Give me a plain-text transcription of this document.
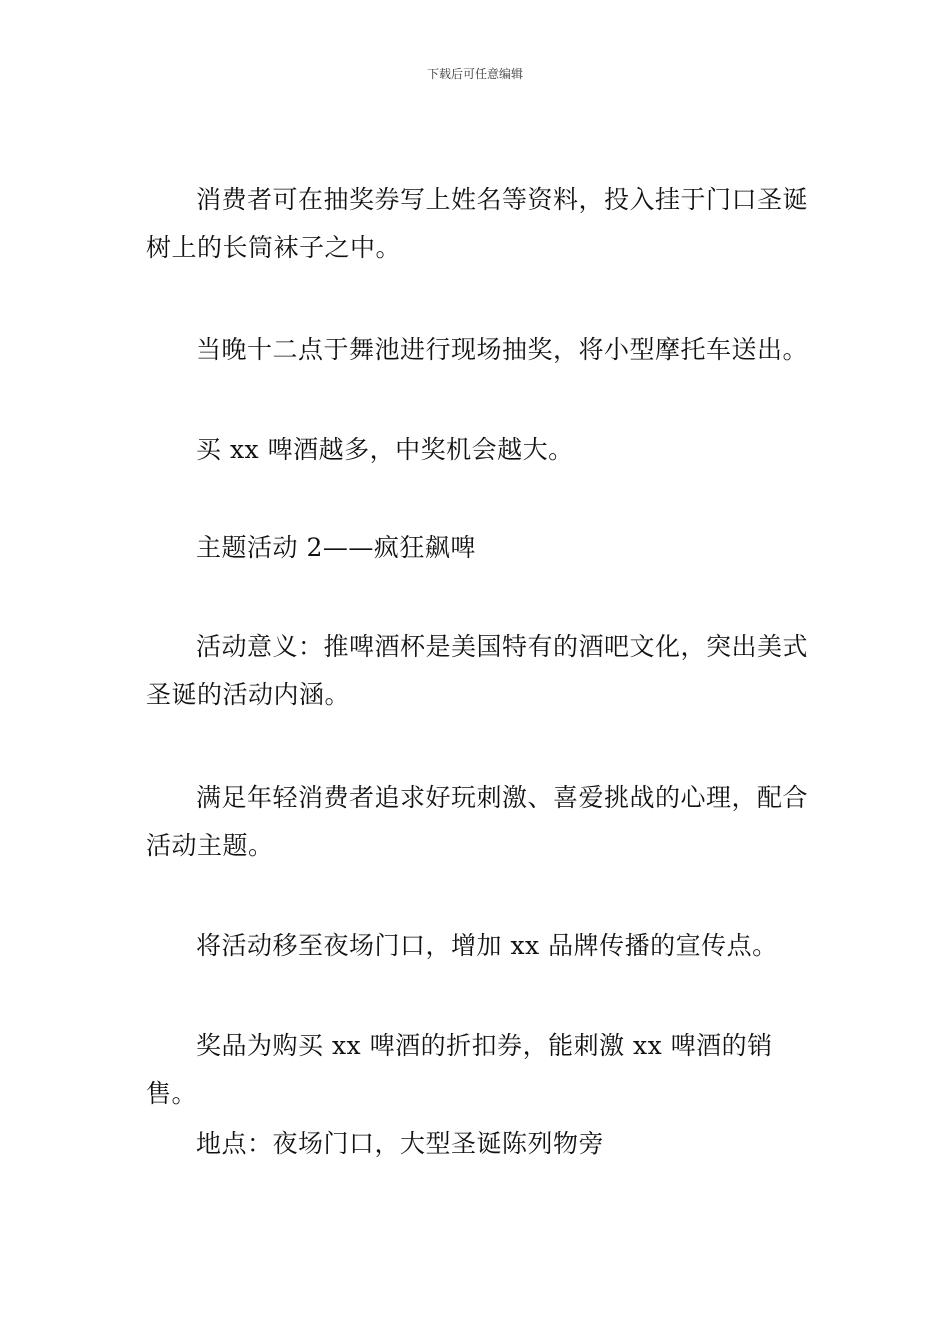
下载后可任意编辑

消费者可在抽奖券写上姓名等资料，投入挂于门口圣诞树上的长筒袜子之中。

当晚十二点于舞池进行现场抽奖，将小型摩托车送出。

买 xx 啤酒越多，中奖机会越大。

主题活动 2——疯狂飙啤

活动意义：推啤酒杯是美国特有的酒吧文化，突出美式圣诞的活动内涵。

满足年轻消费者追求好玩刺激、喜爱挑战的心理，配合活动主题。

将活动移至夜场门口，增加 xx 品牌传播的宣传点。

奖品为购买 xx 啤酒的折扣券，能刺激 xx 啤酒的销售。

地点：夜场门口，大型圣诞陈列物旁
